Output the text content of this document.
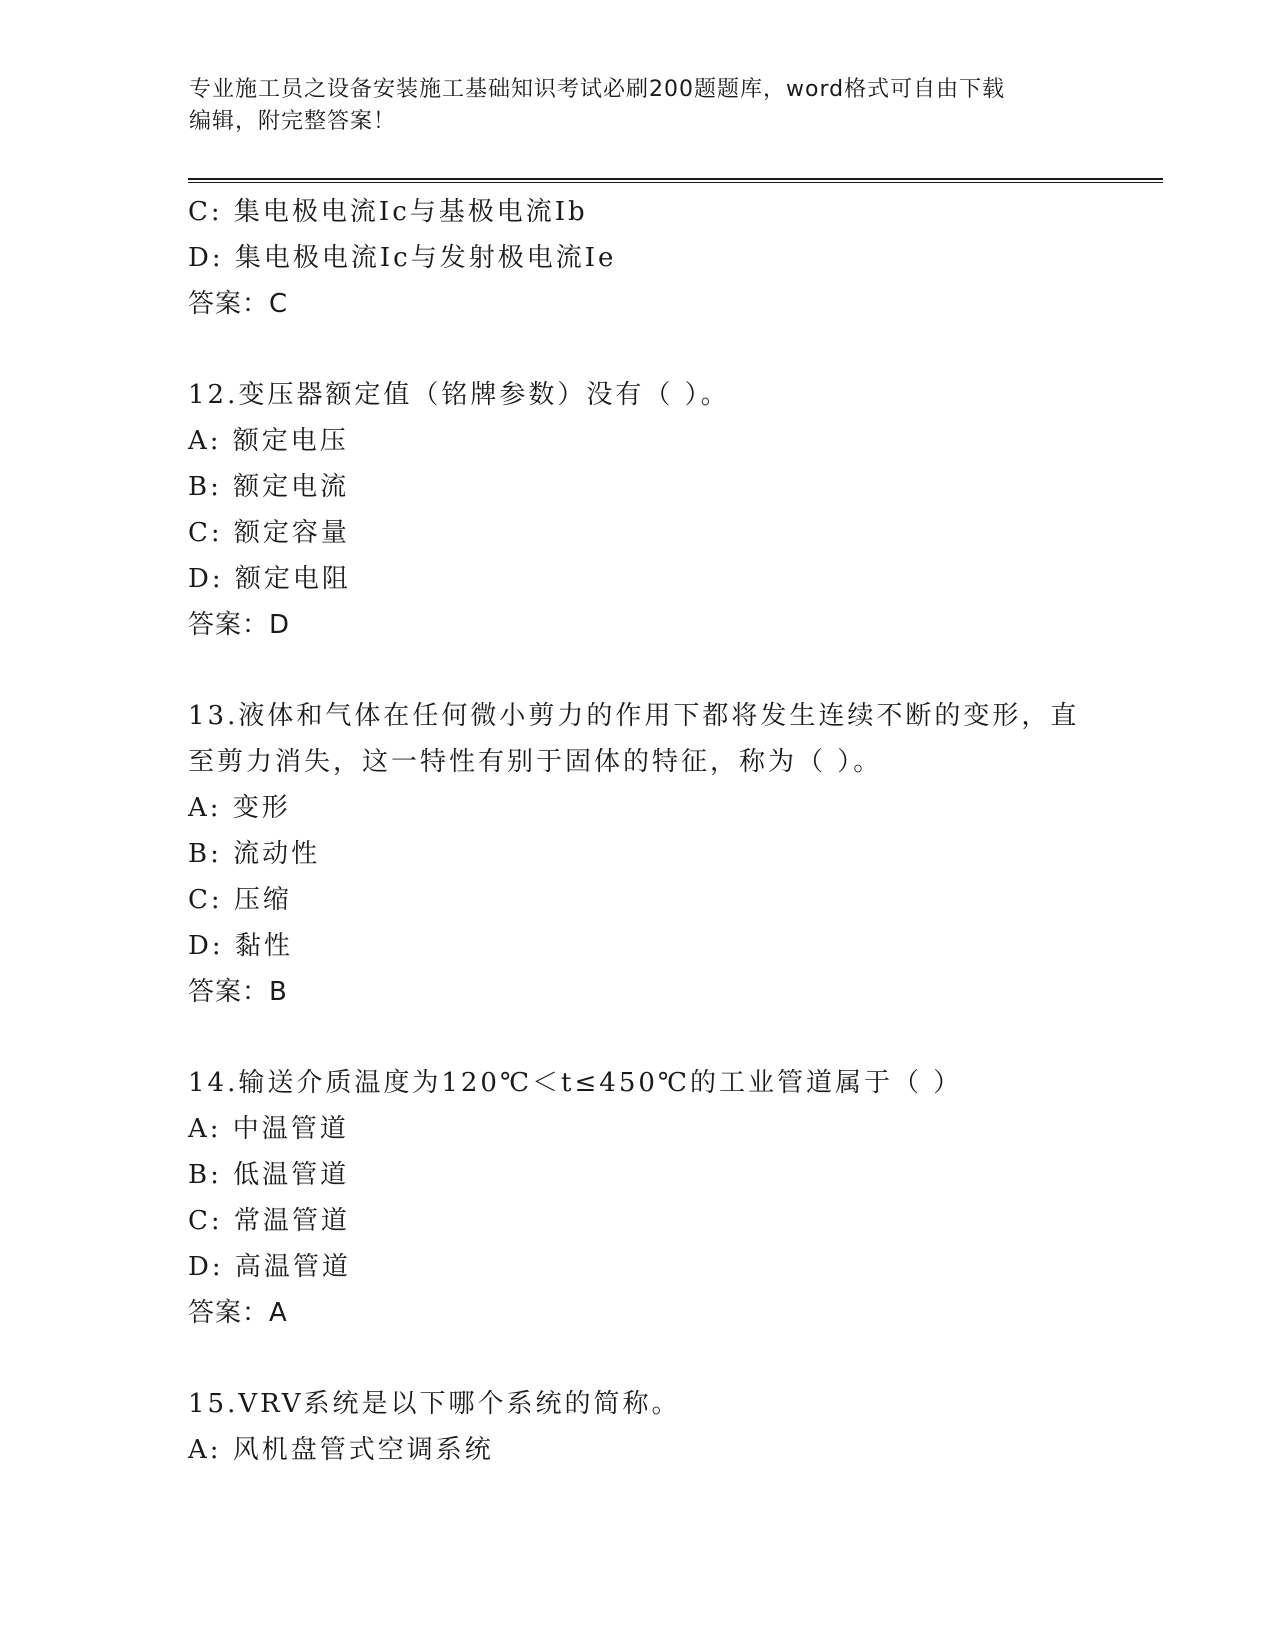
专业施工员之设备安装施工基础知识考试必刷200题题库，word格式可自由下载
编辑，附完整答案！
C: 集电极电流Ic与基极电流Ib
D: 集电极电流Ic与发射极电流Ie
答案：C
12.变压器额定值（铭牌参数）没有（ ）。
A: 额定电压
B: 额定电流
C: 额定容量
D: 额定电阻
答案：D
13.液体和气体在任何微小剪力的作用下都将发生连续不断的变形，直
至剪力消失，这一特性有别于固体的特征，称为（ ）。
A: 变形
B: 流动性
C: 压缩
D: 黏性
答案：B
14.输送介质温度为120℃＜t≤450℃的工业管道属于（ ）
A: 中温管道
B: 低温管道
C: 常温管道
D: 高温管道
答案：A
15.VRV系统是以下哪个系统的简称。
A: 风机盘管式空调系统
